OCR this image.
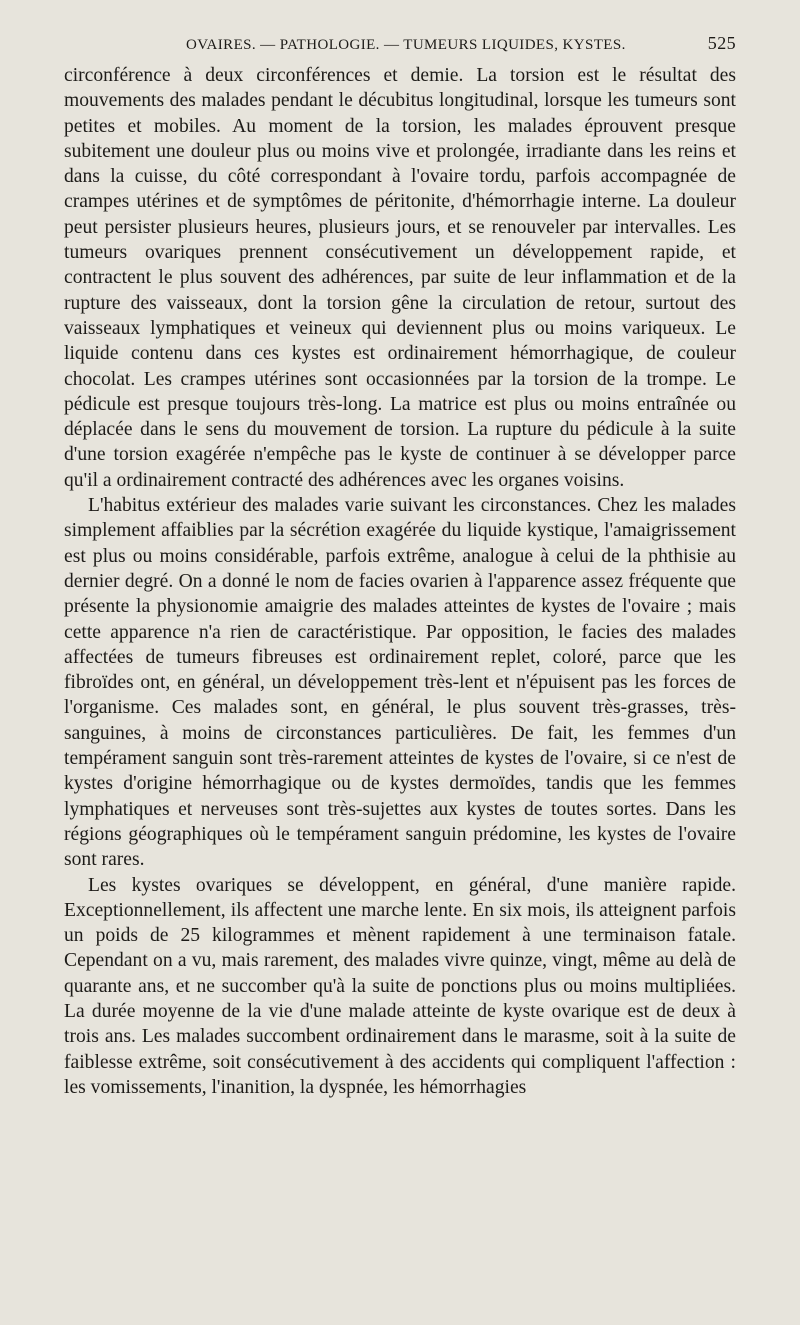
OVAIRES. — PATHOLOGIE. — TUMEURS LIQUIDES, KYSTES.	525

circonférence à deux circonférences et demie. La torsion est le résultat des mouvements des malades pendant le décubitus longitudinal, lorsque les tumeurs sont petites et mobiles. Au moment de la torsion, les malades éprouvent presque subitement une douleur plus ou moins vive et prolongée, irradiante dans les reins et dans la cuisse, du côté correspondant à l'ovaire tordu, parfois accompagnée de crampes utérines et de symptômes de péritonite, d'hémorrhagie interne. La douleur peut persister plusieurs heures, plusieurs jours, et se renouveler par intervalles. Les tumeurs ovariques prennent consécutivement un développement rapide, et contractent le plus souvent des adhérences, par suite de leur inflammation et de la rupture des vaisseaux, dont la torsion gêne la circulation de retour, surtout des vaisseaux lymphatiques et veineux qui deviennent plus ou moins variqueux. Le liquide contenu dans ces kystes est ordinairement hémorrhagique, de couleur chocolat. Les crampes utérines sont occasionnées par la torsion de la trompe. Le pédicule est presque toujours très-long. La matrice est plus ou moins entraînée ou déplacée dans le sens du mouvement de torsion. La rupture du pédicule à la suite d'une torsion exagérée n'empêche pas le kyste de continuer à se développer parce qu'il a ordinairement contracté des adhérences avec les organes voisins.

L'habitus extérieur des malades varie suivant les circonstances. Chez les malades simplement affaiblies par la sécrétion exagérée du liquide kystique, l'amaigrissement est plus ou moins considérable, parfois extrême, analogue à celui de la phthisie au dernier degré. On a donné le nom de facies ovarien à l'apparence assez fréquente que présente la physionomie amaigrie des malades atteintes de kystes de l'ovaire ; mais cette apparence n'a rien de caractéristique. Par opposition, le facies des malades affectées de tumeurs fibreuses est ordinairement replet, coloré, parce que les fibroïdes ont, en général, un développement très-lent et n'épuisent pas les forces de l'organisme. Ces malades sont, en général, le plus souvent très-grasses, très-sanguines, à moins de circonstances particulières. De fait, les femmes d'un tempérament sanguin sont très-rarement atteintes de kystes de l'ovaire, si ce n'est de kystes d'origine hémorrhagique ou de kystes dermoïdes, tandis que les femmes lymphatiques et nerveuses sont très-sujettes aux kystes de toutes sortes. Dans les régions géographiques où le tempérament sanguin prédomine, les kystes de l'ovaire sont rares.

Les kystes ovariques se développent, en général, d'une manière rapide. Exceptionnellement, ils affectent une marche lente. En six mois, ils atteignent parfois un poids de 25 kilogrammes et mènent rapidement à une terminaison fatale. Cependant on a vu, mais rarement, des malades vivre quinze, vingt, même au delà de quarante ans, et ne succomber qu'à la suite de ponctions plus ou moins multipliées. La durée moyenne de la vie d'une malade atteinte de kyste ovarique est de deux à trois ans. Les malades succombent ordinairement dans le marasme, soit à la suite de faiblesse extrême, soit consécutivement à des accidents qui compliquent l'affection : les vomissements, l'inanition, la dyspnée, les hémorrhagies
